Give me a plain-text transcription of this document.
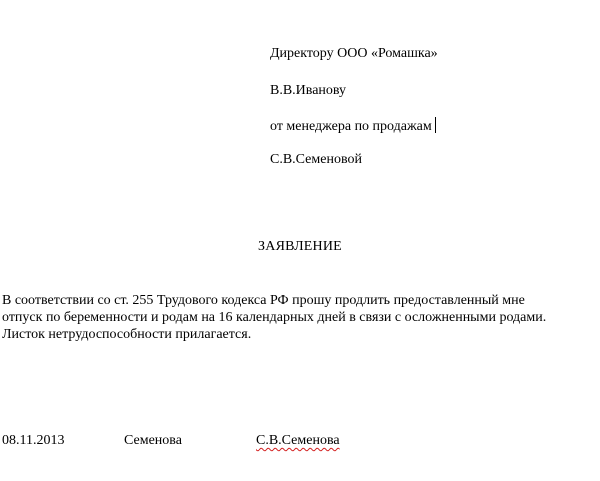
Директору ООО «Ромашка»
В.В.Иванову
от менеджера по продажам
С.В.Семеновой
ЗАЯВЛЕНИЕ
В соответствии со ст. 255 Трудового кодекса РФ прошу продлить предоставленный мне
отпуск по беременности и родам на 16 календарных дней в связи с осложненными родами.
Листок нетрудоспособности прилагается.
08.11.2013	Семенова	С.В.Семенова
